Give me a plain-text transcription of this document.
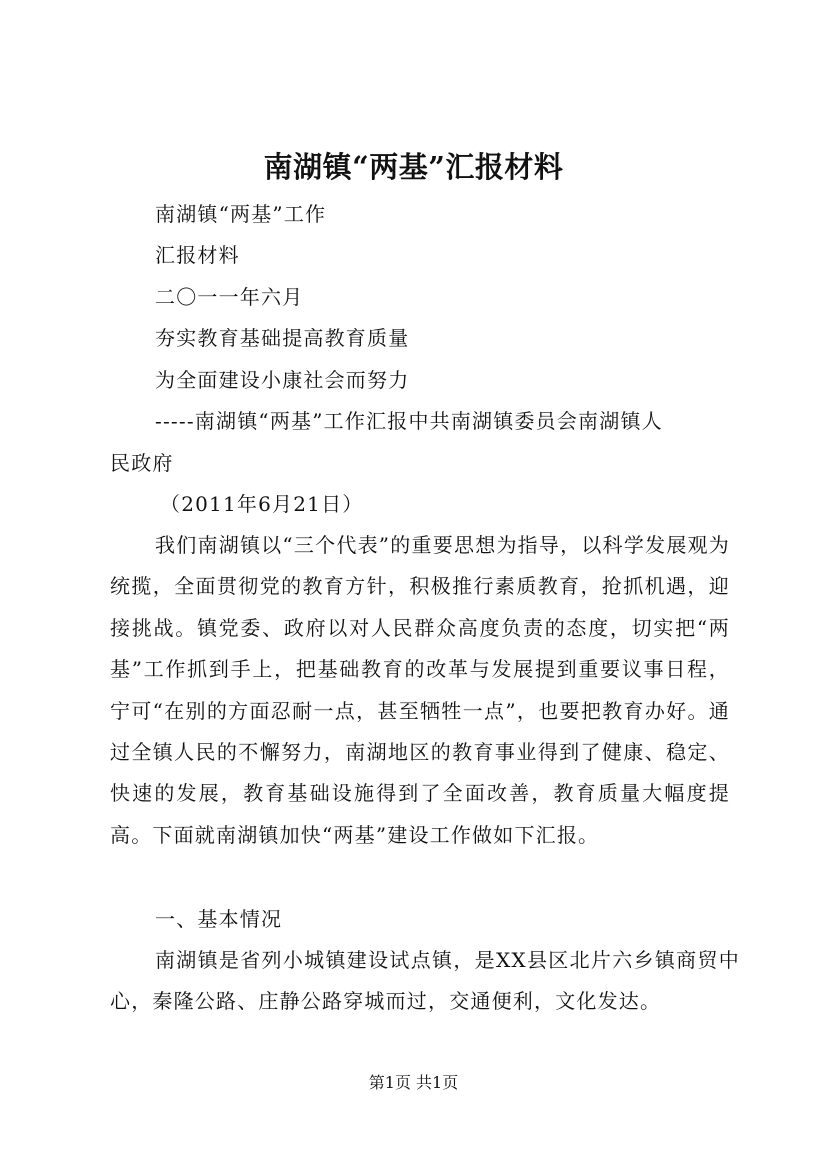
南湖镇“两基”汇报材料
南湖镇“两基”工作
汇报材料
二〇一一年六月
夯实教育基础提高教育质量
为全面建设小康社会而努力
-----南湖镇“两基”工作汇报中共南湖镇委员会南湖镇人
民政府
（2011年6月21日）

我们南湖镇以“三个代表”的重要思想为指导，以科学发展观为统揽，全面贯彻党的教育方针，积极推行素质教育，抢抓机遇，迎接挑战。镇党委、政府以对人民群众高度负责的态度，切实把“两基”工作抓到手上，把基础教育的改革与发展提到重要议事日程，宁可“在别的方面忍耐一点，甚至牺牲一点”，也要把教育办好。通过全镇人民的不懈努力，南湖地区的教育事业得到了健康、稳定、快速的发展，教育基础设施得到了全面改善，教育质量大幅度提高。下面就南湖镇加快“两基”建设工作做如下汇报。

一、基本情况

南湖镇是省列小城镇建设试点镇，是XX县区北片六乡镇商贸中心，秦隆公路、庄静公路穿城而过，交通便利，文化发达。

第1页 共1页
